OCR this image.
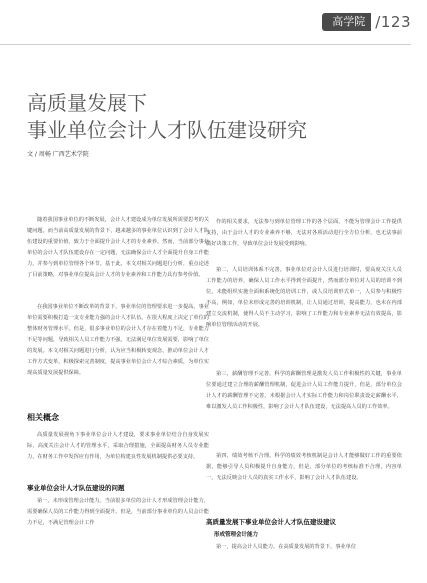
高学院 /123
高质量发展下
事业单位会计人才队伍建设研究
文 / 周畅 广西艺术学院

随着我国事业单位的不断发展，会计人才建设成为单位发展所需要思考的关键问题。而当前高质量发展的背景下，越来越多的事业单位认识到了会计人才队伍建设的重要价值，致力于全面提升会计人才的专业素养。然而，当前部分事业单位的会计人才队伍建设存在一定问题，无法确保会计人才全面提升自身工作能力，并参与到单位管理各个环节。基于此，本文对相关问题进行分析，重点论述了目前策略，对事业单位提高会计人才的专业素养和工作能力具有参考价值。

在我国事业单位不断改革的背景下，事业单位的管理要求进一步提高。事业单位需要积极打造一支专业能力强的会计人才队伍。在很大程度上决定了单位的整体财务管理水平。但是，很多事业单位的会计人才存在着能力不足，专业能力不足等问题，导致相关人员工作能力不强，无法满足单位发展需要，影响了单位的发展。本文对相关问题进行分析，认为应当积极转变观念，推动单位会计人才工作方式变革，积极探索完善制度，提高事业单位会计人才综合素质，为单位实现高质量发展提供保障。

相关概念

高质量发展视角下事业单位会计人才建设，要求事业单位结合自身发展实际，高度关注会计人才的管理水平，采取合理措施，全面提高财务人员专业能力，在财务工作中发挥应有作用，为单位构建良性发展机制提供必要支持。

事业单位会计人才队伍建设的问题

第一，未形成管理会计能力。当前很多单位的会计人才形成管理会计能力，需要确保人员的工作能力得到全面提升。但是，当前部分事业单位的人员会计能力不足，不满足管理会计工作

作的相关要求，无法参与到单位管理工作的各个层面，不能为管理会计工作提供支持，由于会计人才的专业素养不够，无法对各项活动进行全方位分析，也无法事前做好决策工作，导致单位会计发展受到影响。

第二，人员培训体系不完善。事业单位对会计人员进行培训时，要高度关注人员工作能力的培养，确保人员工作水平得到全面提升，然而部分单位对人员的培训不到位，未能组织实施全面和系统化的培训工作，或人员培训形式单一，人员参与积极性不高，例如，单位未形成完善的培训机制，让人员通过培训，提高能力，也未在内部建立交流机制，使得人员不主动学习，影响了工作能力和专业素养无法有效提高，影响单位管理活动的开展。

第三，薪酬管理不完善。科学的薪酬管理是激发人员工作积极性的关键，事业单位要通过建立合理的薪酬管理机制，促进会计人员工作能力提升，但是，部分单位会计人才的薪酬管理不完善，未根据会计人才实际工作能力和岗位职责设定薪酬水平，难以激发人员工作积极性，影响了会计人才队伍建设，无法提高人员的工作效率。

第四，绩效考核不合理。科学的绩效考核机制是会计人才能够做好工作的重要依据，能够引导人员积极提升自身能力，但是，部分单位的考核标准不合理，内容单一，无法反映会计人员的真实工作水平，影响了会计人才队伍建设。

高质量发展下事业单位会计人才队伍建设建议
形成管理会计能力

第一，提高会计人员能力。在高质量发展的背景下，事业单位
